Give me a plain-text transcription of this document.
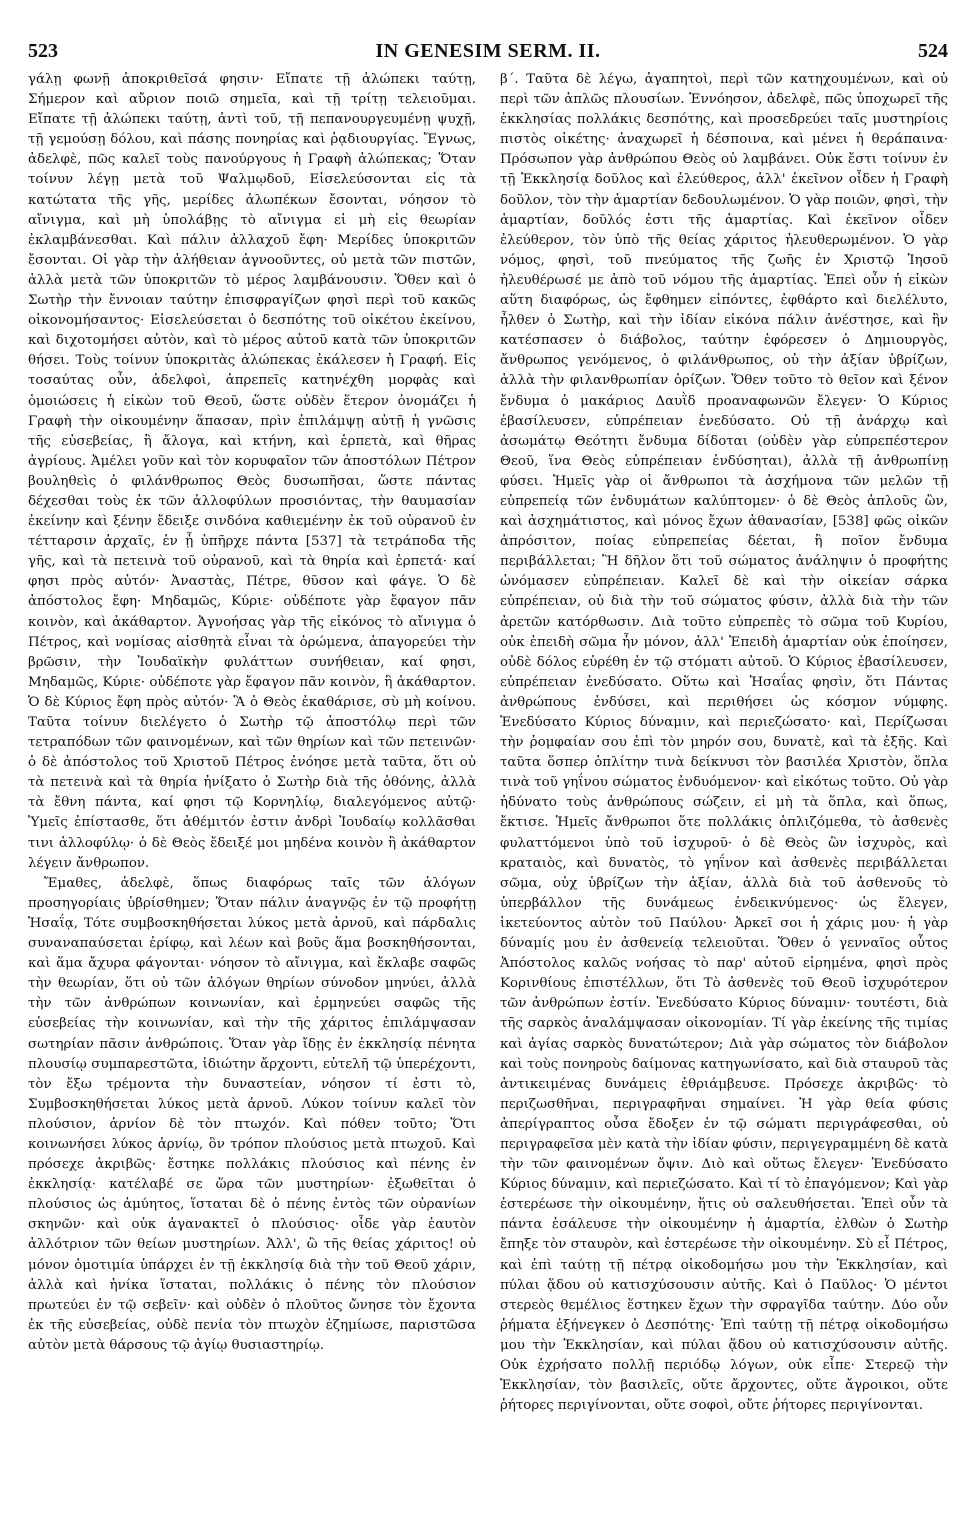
523	IN GENESIM SERM. II.	524

γάλῃ φωνῇ ἀποκριθεῖσά φησιν· Εἴπατε τῇ ἀλώπεκι ταύτῃ, Σήμερον καὶ αὔριον ποιῶ σημεῖα, καὶ τῇ τρίτῃ τελειοῦμαι. Εἴπατε τῇ ἀλώπεκι ταύτῃ, ἀντὶ τοῦ, τῇ πεπανουργευμένῃ ψυχῇ, τῇ γεμούσῃ δόλου, καὶ πάσης πονηρίας καὶ ῥᾳδιουργίας. Ἔγνως, ἀδελφὲ, πῶς καλεῖ τοὺς πανούργους ἡ Γραφὴ ἀλώπεκας; Ὅταν τοίνυν λέγῃ μετὰ τοῦ Ψαλμῳδοῦ, Εἰσελεύσονται εἰς τὰ κατώτατα τῆς γῆς, μερίδες ἀλωπέκων ἔσονται, νόησον τὸ αἴνιγμα, καὶ μὴ ὑπολάβῃς τὸ αἴνιγμα εἰ μὴ εἰς θεωρίαν ἐκλαμβάνεσθαι. Καὶ πάλιν ἀλλαχοῦ ἔφη· Μερίδες ὑποκριτῶν ἔσονται. Οἱ γὰρ τὴν ἀλήθειαν ἀγνοοῦντες, οὐ μετὰ τῶν πιστῶν, ἀλλὰ μετὰ τῶν ὑποκριτῶν τὸ μέρος λαμβάνουσιν. Ὅθεν καὶ ὁ Σωτὴρ τὴν ἔννοιαν ταύτην ἐπισφραγίζων φησὶ περὶ τοῦ κακῶς οἰκονομήσαντος· Εἰσελεύσεται ὁ δεσπότης τοῦ οἰκέτου ἐκείνου, καὶ διχοτομήσει αὐτὸν, καὶ τὸ μέρος αὐτοῦ κατὰ τῶν ὑποκριτῶν θήσει. Τοὺς τοίνυν ὑποκριτὰς ἀλώπεκας ἐκάλεσεν ἡ Γραφή. Εἰς τοσαύτας οὖν, ἀδελφοὶ, ἀπρεπεῖς κατηνέχθη μορφὰς καὶ ὁμοιώσεις ἡ εἰκὼν τοῦ Θεοῦ, ὥστε οὐδὲν ἕτερον ὀνομάζει ἡ Γραφὴ τὴν οἰκουμένην ἅπασαν, πρὶν ἐπιλάμψῃ αὐτῇ ἡ γνῶσις τῆς εὐσεβείας, ἢ ἄλογα, καὶ κτήνη, καὶ ἑρπετὰ, καὶ θῆρας ἀγρίους. Ἀμέλει γοῦν καὶ τὸν κορυφαῖον τῶν ἀποστόλων Πέτρον βουληθεὶς ὁ φιλάνθρωπος Θεὸς δυσωπῆσαι, ὥστε πάντας δέχεσθαι τοὺς ἐκ τῶν ἀλλοφύλων προσιόντας, τὴν θαυμασίαν ἐκείνην καὶ ξένην ἔδειξε σινδόνα καθιεμένην ἐκ τοῦ οὐρανοῦ ἐν τέτταρσιν ἀρχαῖς, ἐν ᾗ ὑπῆρχε πάντα [537] τὰ τετράποδα τῆς γῆς, καὶ τὰ πετεινὰ τοῦ οὐρανοῦ, καὶ τὰ θηρία καὶ ἑρπετά· καί φησι πρὸς αὐτόν· Ἀναστὰς, Πέτρε, θῦσον καὶ φάγε. Ὁ δὲ ἀπόστολος ἔφη· Μηδαμῶς, Κύριε· οὐδέποτε γὰρ ἔφαγον πᾶν κοινὸν, καὶ ἀκάθαρτον. Ἀγνοήσας γὰρ τῆς εἰκόνος τὸ αἴνιγμα ὁ Πέτρος, καὶ νομίσας αἰσθητὰ εἶναι τὰ ὁρώμενα, ἀπαγορεύει τὴν βρῶσιν, τὴν Ἰουδαϊκὴν φυλάττων συνήθειαν, καί φησι, Μηδαμῶς, Κύριε· οὐδέποτε γὰρ ἔφαγον πᾶν κοινὸν, ἢ ἀκάθαρτον. Ὁ δὲ Κύριος ἔφη πρὸς αὐτόν· Ἃ ὁ Θεὸς ἐκαθάρισε, σὺ μὴ κοίνου. Ταῦτα τοίνυν διελέγετο ὁ Σωτὴρ τῷ ἀποστόλῳ περὶ τῶν τετραπόδων τῶν φαινομένων, καὶ τῶν θηρίων καὶ τῶν πετεινῶν· ὁ δὲ ἀπόστολος τοῦ Χριστοῦ Πέτρος ἐνόησε μετὰ ταῦτα, ὅτι οὐ τὰ πετεινὰ καὶ τὰ θηρία ἠνίξατο ὁ Σωτὴρ διὰ τῆς ὀθόνης, ἀλλὰ τὰ ἔθνη πάντα, καί φησι τῷ Κορνηλίῳ, διαλεγόμενος αὐτῷ· Ὑμεῖς ἐπίστασθε, ὅτι ἀθέμιτόν ἐστιν ἀνδρὶ Ἰουδαίῳ κολλᾶσθαι τινι ἀλλοφύλῳ· ὁ δὲ Θεὸς ἔδειξέ μοι μηδένα κοινὸν ἢ ἀκάθαρτον λέγειν ἄνθρωπον.

Ἔμαθες, ἀδελφὲ, ὅπως διαφόρως ταῖς τῶν ἀλόγων προσηγορίαις ὑβρίσθημεν; Ὅταν πάλιν ἀναγνῷς ἐν τῷ προφήτῃ Ἡσαΐᾳ, Τότε συμβοσκηθήσεται λύκος μετὰ ἀρνοῦ, καὶ πάρδαλις συναναπαύσεται ἐρίφῳ, καὶ λέων καὶ βοῦς ἅμα βοσκηθήσονται, καὶ ἅμα ἄχυρα φάγονται· νόησον τὸ αἴνιγμα, καὶ ἔκλαβε σαφῶς τὴν θεωρίαν, ὅτι οὐ τῶν ἀλόγων θηρίων σύνοδον μηνύει, ἀλλὰ τὴν τῶν ἀνθρώπων κοινωνίαν, καὶ ἑρμηνεύει σαφῶς τῆς εὐσεβείας τὴν κοινωνίαν, καὶ τὴν τῆς χάριτος ἐπιλάμψασαν σωτηρίαν πᾶσιν ἀνθρώποις. Ὅταν γὰρ ἴδῃς ἐν ἐκκλησίᾳ πένητα πλουσίῳ συμπαρεστῶτα, ἰδιώτην ἄρχοντι, εὐτελῆ τῷ ὑπερέχοντι, τὸν ἔξω τρέμοντα τὴν δυναστείαν, νόησον τί ἐστι τὸ, Συμβοσκηθήσεται λύκος μετὰ ἀρνοῦ. Λύκον τοίνυν καλεῖ τὸν πλούσιον, ἀρνίον δὲ τὸν πτωχόν. Καὶ πόθεν τοῦτο; Ὅτι κοινωνήσει λύκος ἀρνίῳ, ὃν τρόπον πλούσιος μετὰ πτωχοῦ. Καὶ πρόσεχε ἀκριβῶς· ἔστηκε πολλάκις πλούσιος καὶ πένης ἐν ἐκκλησίᾳ· κατέλαβέ σε ὥρα τῶν μυστηρίων· ἐξωθεῖται ὁ πλούσιος ὡς ἀμύητος, ἵσταται δὲ ὁ πένης ἐντὸς τῶν οὐρανίων σκηνῶν· καὶ οὐκ ἀγανακτεῖ ὁ πλούσιος· οἶδε γὰρ ἑαυτὸν ἀλλότριον τῶν θείων μυστηρίων. Ἀλλ', ὢ τῆς θείας χάριτος! οὐ μόνον ὁμοτιμία ὑπάρχει ἐν τῇ ἐκκλησίᾳ διὰ τὴν τοῦ Θεοῦ χάριν, ἀλλὰ καὶ ἡνίκα ἵσταται, πολλάκις ὁ πένης τὸν πλούσιον πρωτεύει ἐν τῷ σεβεῖν· καὶ οὐδὲν ὁ πλοῦτος ὤνησε τὸν ἔχοντα ἐκ τῆς εὐσεβείας, οὐδὲ πενία τὸν πτωχὸν ἐζημίωσε, παριστῶσα αὐτὸν μετὰ θάρσους τῷ ἁγίῳ θυσιαστηρίῳ.

β΄. Ταῦτα δὲ λέγω, ἀγαπητοὶ, περὶ τῶν κατηχουμένων, καὶ οὐ περὶ τῶν ἁπλῶς πλουσίων. Ἐννόησον, ἀδελφὲ, πῶς ὑποχωρεῖ τῆς ἐκκλησίας πολλάκις δεσπότης, καὶ προσεδρεύει ταῖς μυστηρίοις πιστὸς οἰκέτης· ἀναχωρεῖ ἡ δέσποινα, καὶ μένει ἡ θεράπαινα· Πρόσωπον γὰρ ἀνθρώπου Θεὸς οὐ λαμβάνει. Οὐκ ἔστι τοίνυν ἐν τῇ Ἐκκλησίᾳ δοῦλος καὶ ἐλεύθερος, ἀλλ' ἐκεῖνον οἶδεν ἡ Γραφὴ δοῦλον, τὸν τὴν ἁμαρτίαν δεδουλωμένον. Ὁ γὰρ ποιῶν, φησὶ, τὴν ἁμαρτίαν, δοῦλός ἐστι τῆς ἁμαρτίας. Καὶ ἐκεῖνον οἶδεν ἐλεύθερον, τὸν ὑπὸ τῆς θείας χάριτος ἠλευθερωμένον. Ὁ γὰρ νόμος, φησὶ, τοῦ πνεύματος τῆς ζωῆς ἐν Χριστῷ Ἰησοῦ ἠλευθέρωσέ με ἀπὸ τοῦ νόμου τῆς ἁμαρτίας. Ἐπεὶ οὖν ἡ εἰκὼν αὕτη διαφόρως, ὡς ἔφθημεν εἰπόντες, ἐφθάρτο καὶ διελέλυτο, ἦλθεν ὁ Σωτὴρ, καὶ τὴν ἰδίαν εἰκόνα πάλιν ἀνέστησε, καὶ ἣν κατέσπασεν ὁ διάβολος, ταύτην ἐφόρεσεν ὁ Δημιουργὸς, ἄνθρωπος γενόμενος, ὁ φιλάνθρωπος, οὐ τὴν ἀξίαν ὑβρίζων, ἀλλὰ τὴν φιλανθρωπίαν ὁρίζων. Ὅθεν τοῦτο τὸ θεῖον καὶ ξένον ἔνδυμα ὁ μακάριος Δαυῒδ προαναφωνῶν ἔλεγεν· Ὁ Κύριος ἐβασίλευσεν, εὐπρέπειαν ἐνεδύσατο. Οὐ τῇ ἀνάρχῳ καὶ ἀσωμάτῳ Θεότητι ἔνδυμα δίδοται (οὐδὲν γὰρ εὐπρεπέστερον Θεοῦ, ἵνα Θεὸς εὐπρέπειαν ἐνδύσηται), ἀλλὰ τῇ ἀνθρωπίνῃ φύσει. Ἡμεῖς γὰρ οἱ ἄνθρωποι τὰ ἀσχήμονα τῶν μελῶν τῇ εὐπρεπείᾳ τῶν ἐνδυμάτων καλύπτομεν· ὁ δὲ Θεὸς ἁπλοῦς ὢν, καὶ ἀσχημάτιστος, καὶ μόνος ἔχων ἀθανασίαν, [538] φῶς οἰκῶν ἀπρόσιτον, ποίας εὐπρεπείας δέεται, ἢ ποῖον ἔνδυμα περιβάλλεται; Ἢ δῆλον ὅτι τοῦ σώματος ἀνάληψιν ὁ προφήτης ὠνόμασεν εὐπρέπειαν. Καλεῖ δὲ καὶ τὴν οἰκείαν σάρκα εὐπρέπειαν, οὐ διὰ τὴν τοῦ σώματος φύσιν, ἀλλὰ διὰ τὴν τῶν ἀρετῶν κατόρθωσιν. Διὰ τοῦτο εὐπρεπὲς τὸ σῶμα τοῦ Κυρίου, οὐκ ἐπειδὴ σῶμα ἦν μόνον, ἀλλ' Ἐπειδὴ ἁμαρτίαν οὐκ ἐποίησεν, οὐδὲ δόλος εὑρέθη ἐν τῷ στόματι αὐτοῦ. Ὁ Κύριος ἐβασίλευσεν, εὐπρέπειαν ἐνεδύσατο. Οὕτω καὶ Ἡσαΐας φησὶν, ὅτι Πάντας ἀνθρώπους ἐνδύσει, καὶ περιθήσει ὡς κόσμον νύμφης. Ἐνεδύσατο Κύριος δύναμιν, καὶ περιεζώσατο· καὶ, Περίζωσαι τὴν ῥομφαίαν σου ἐπὶ τὸν μηρόν σου, δυνατὲ, καὶ τὰ ἑξῆς. Καὶ ταῦτα ὅσπερ ὁπλίτην τινὰ δείκνυσι τὸν βασιλέα Χριστὸν, ὅπλα τινὰ τοῦ γηΐνου σώματος ἐνδυόμενον· καὶ εἰκότως τοῦτο. Οὐ γὰρ ἠδύνατο τοὺς ἀνθρώπους σώζειν, εἰ μὴ τὰ ὅπλα, καὶ ὅπως, ἔκτισε. Ἡμεῖς ἄνθρωποι ὅτε πολλάκις ὁπλιζόμεθα, τὸ ἀσθενὲς φυλαττόμενοι ὑπὸ τοῦ ἰσχυροῦ· ὁ δὲ Θεὸς ὢν ἰσχυρὸς, καὶ κραταιὸς, καὶ δυνατὸς, τὸ γηΐνον καὶ ἀσθενὲς περιβάλλεται σῶμα, οὐχ ὑβρίζων τὴν ἀξίαν, ἀλλὰ διὰ τοῦ ἀσθενοῦς τὸ ὑπερβάλλον τῆς δυνάμεως ἐνδεικνύμενος· ὡς ἔλεγεν, ἱκετεύοντος αὐτὸν τοῦ Παύλου· Ἀρκεῖ σοι ἡ χάρις μου· ἡ γὰρ δύναμίς μου ἐν ἀσθενείᾳ τελειοῦται. Ὅθεν ὁ γενναῖος οὗτος Ἀπόστολος καλῶς νοήσας τὸ παρ' αὐτοῦ εἰρημένα, φησὶ πρὸς Κορινθίους ἐπιστέλλων, ὅτι Τὸ ἀσθενὲς τοῦ Θεοῦ ἰσχυρότερον τῶν ἀνθρώπων ἐστίν. Ἐνεδύσατο Κύριος δύναμιν· τουτέστι, διὰ τῆς σαρκὸς ἀναλάμψασαν οἰκονομίαν. Τί γὰρ ἐκείνης τῆς τιμίας καὶ ἁγίας σαρκὸς δυνατώτερον; Διὰ γὰρ σώματος τὸν διάβολον καὶ τοὺς πονηροὺς δαίμονας κατηγωνίσατο, καὶ διὰ σταυροῦ τὰς ἀντικειμένας δυνάμεις ἐθριάμβευσε. Πρόσεχε ἀκριβῶς· τὸ περιζωσθῆναι, περιγραφῆναι σημαίνει. Ἡ γὰρ θεία φύσις ἀπερίγραπτος οὖσα ἔδοξεν ἐν τῷ σώματι περιγράφεσθαι, οὐ περιγραφεῖσα μὲν κατὰ τὴν ἰδίαν φύσιν, περιγεγραμμένη δὲ κατὰ τὴν τῶν φαινομένων ὄψιν. Διὸ καὶ οὕτως ἔλεγεν· Ἐνεδύσατο Κύριος δύναμιν, καὶ περιεζώσατο. Καὶ τί τὸ ἐπαγόμενον; Καὶ γὰρ ἐστερέωσε τὴν οἰκουμένην, ἥτις οὐ σαλευθήσεται. Ἐπεὶ οὖν τὰ πάντα ἐσάλευσε τὴν οἰκουμένην ἡ ἁμαρτία, ἐλθὼν ὁ Σωτὴρ ἔπηξε τὸν σταυρὸν, καὶ ἐστερέωσε τὴν οἰκουμένην. Σὺ εἶ Πέτρος, καὶ ἐπὶ ταύτῃ τῇ πέτρᾳ οἰκοδομήσω μου τὴν Ἐκκλησίαν, καὶ πύλαι ᾅδου οὐ κατισχύσουσιν αὐτῆς. Καὶ ὁ Παῦλος· Ὁ μέντοι στερεὸς θεμέλιος ἕστηκεν ἔχων τὴν σφραγῖδα ταύτην. Δύο οὖν ῥήματα ἐξήνεγκεν ὁ Δεσπότης· Ἐπὶ ταύτῃ τῇ πέτρᾳ οἰκοδομήσω μου τὴν Ἐκκλησίαν, καὶ πύλαι ᾅδου οὐ κατισχύσουσιν αὐτῆς. Οὐκ ἐχρήσατο πολλῇ περιόδῳ λόγων, οὐκ εἶπε· Στερεῷ τὴν Ἐκκλησίαν, τὸν βασιλεῖς, οὔτε ἄρχοντες, οὔτε ἄγροικοι, οὔτε ῥήτορες περιγίνονται, οὔτε σοφοὶ, οὔτε ῥήτορες περιγίνονται.
